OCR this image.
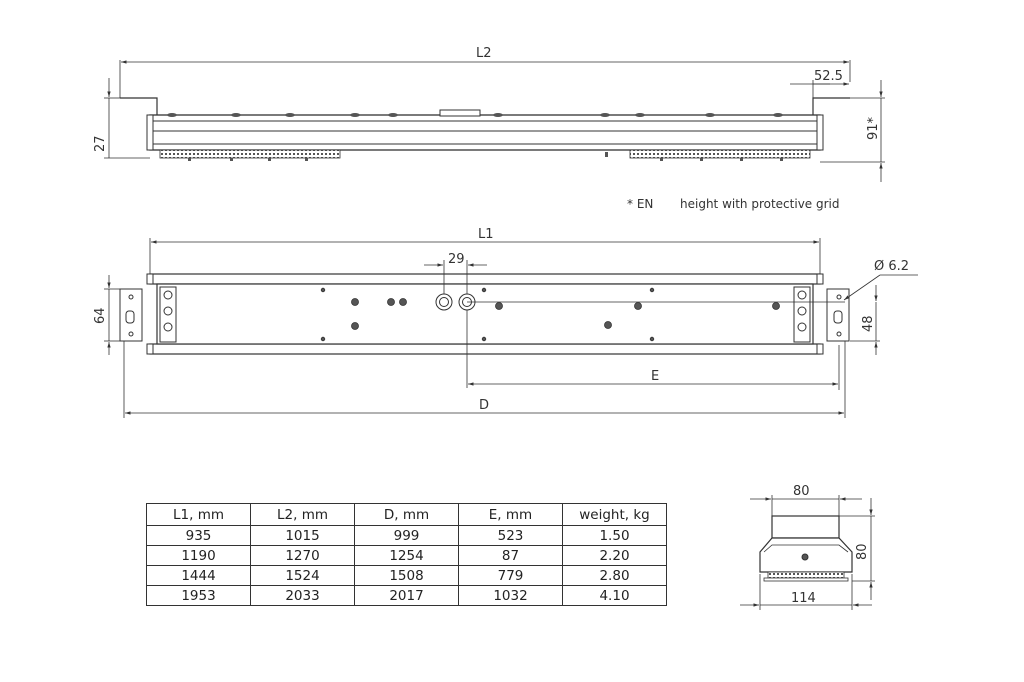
L2
52.5
27
91*
* EN height with protective grid
L1
29	Ø 6.2
64	48
E
D
80
80
114
L1, mm	L2, mm	D, mm	E, mm	weight, kg
935	1015	999	523	1.50
1190	1270	1254	87	2.20
1444	1524	1508	779	2.80
1953	2033	2017	1032	4.10
